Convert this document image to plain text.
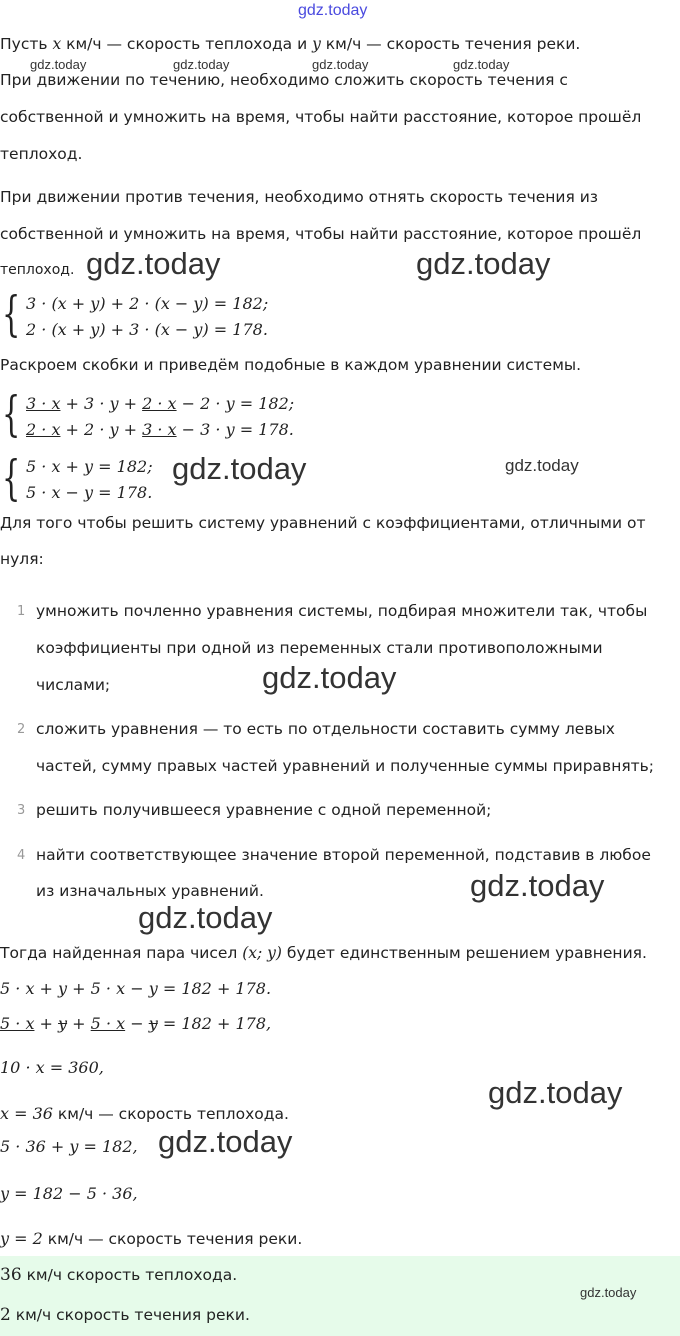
gdz.today
Пусть x км/ч — скорость теплохода и y км/ч — скорость течения реки.
gdz.today	gdz.today	gdz.today	gdz.today
При движении по течению, необходимо сложить скорость течения с
собственной и умножить на время, чтобы найти расстояние, которое прошёл
теплоход.
При движении против течения, необходимо отнять скорость течения из
собственной и умножить на время, чтобы найти расстояние, которое прошёл
теплоход. gdz.today	gdz.today
{ 3 · (x + y) + 2 · (x − y) = 182;
2 · (x + y) + 3 · (x − y) = 178.
Раскроем скобки и приведём подобные в каждом уравнении системы.
{ 3 · x + 3 · y + 2 · x − 2 · y = 182;
2 · x + 2 · y + 3 · x − 3 · y = 178.
{ 5 · x + y = 182;
5 · x − y = 178.
gdz.today	gdz.today
Для того чтобы решить систему уравнений с коэффициентами, отличными от
нуля:
1 умножить почленно уравнения системы, подбирая множители так, чтобы
коэффициенты при одной из переменных стали противоположными
числами;	gdz.today
2 сложить уравнения — то есть по отдельности составить сумму левых
частей, сумму правых частей уравнений и полученные суммы приравнять;
3 решить получившееся уравнение с одной переменной;
4 найти соответствующее значение второй переменной, подставив в любое
из изначальных уравнений.	gdz.today
gdz.today
Тогда найденная пара чисел (x; y) будет единственным решением уравнения.
5 · x + y + 5 · x − y = 182 + 178.
5 · x + y + 5 · x − y = 182 + 178,
10 · x = 360,
gdz.today
x = 36 км/ч — скорость теплохода.
5 · 36 + y = 182, gdz.today
y = 182 − 5 · 36,
y = 2 км/ч — скорость течения реки.
36 км/ч скорость теплохода.
gdz.today
2 км/ч скорость течения реки.
